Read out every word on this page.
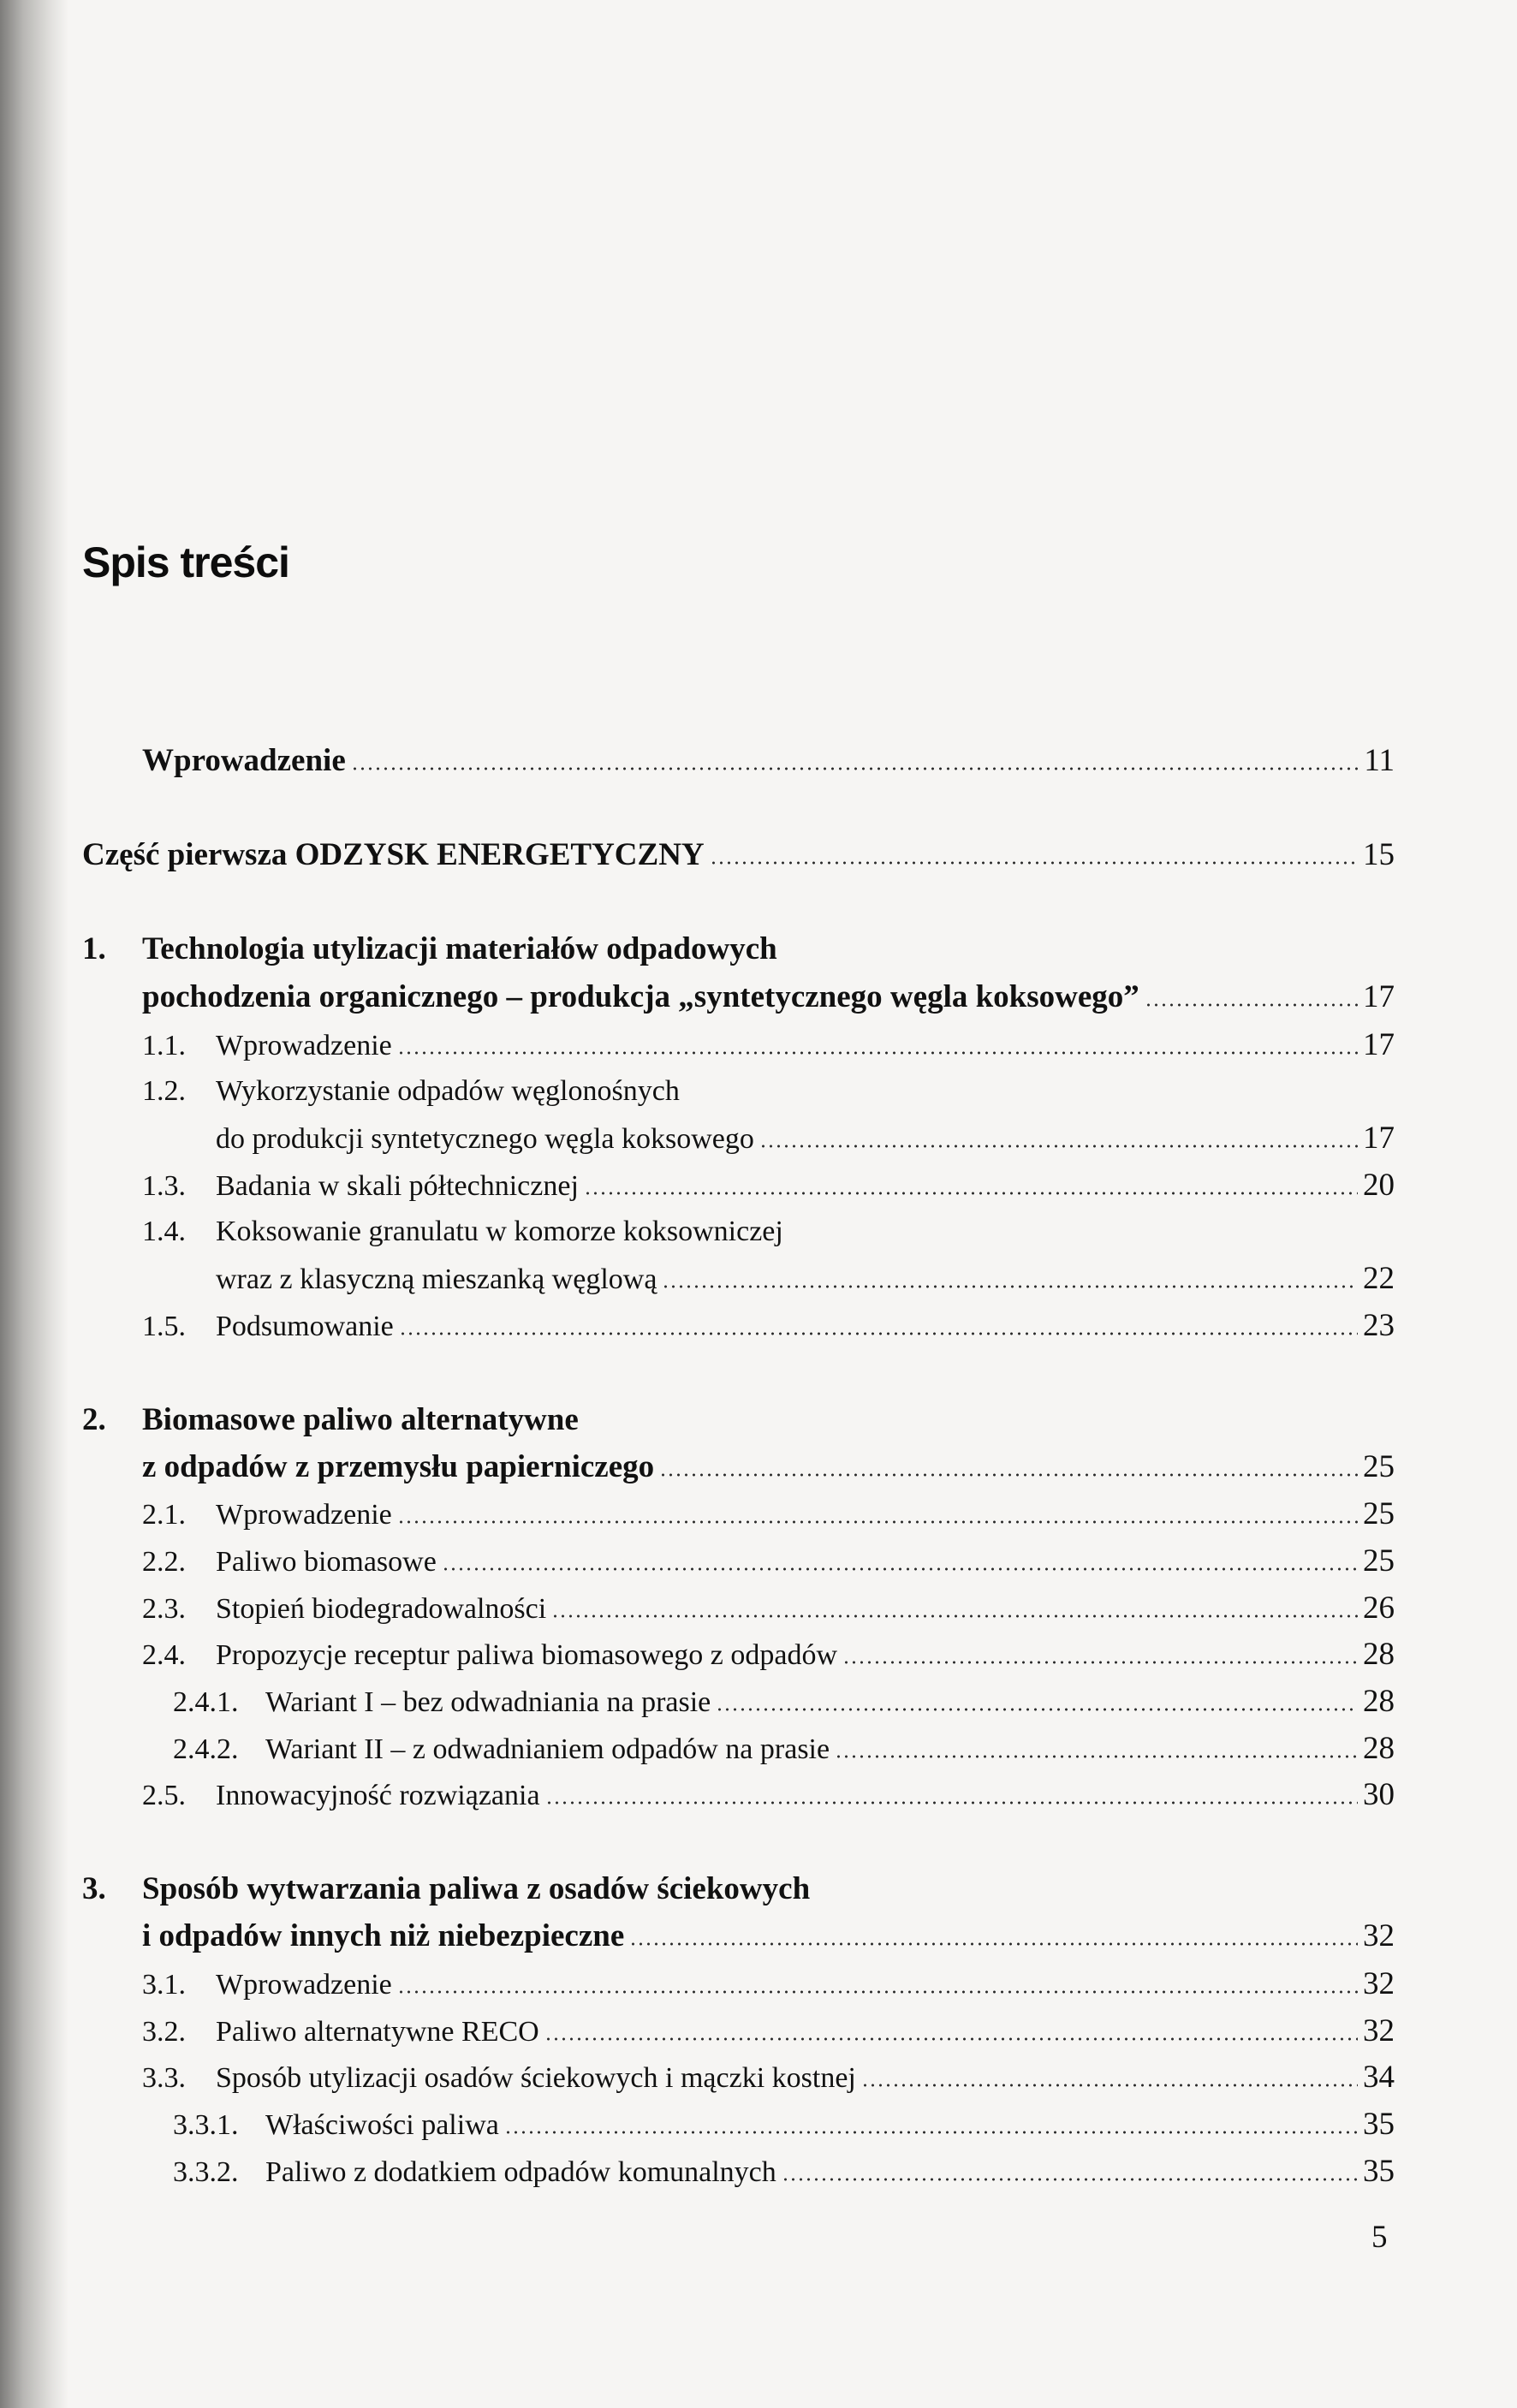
Spis treści
Wprowadzenie	11
Część pierwsza ODZYSK ENERGETYCZNY	15
1.	Technologia utylizacji materiałów odpadowych
pochodzenia organicznego – produkcja „syntetycznego węgla koksowego”	17
1.1.	Wprowadzenie	17
1.2.	Wykorzystanie odpadów węglonośnych
do produkcji syntetycznego węgla koksowego	17
1.3.	Badania w skali półtechnicznej	20
1.4.	Koksowanie granulatu w komorze koksowniczej
wraz z klasyczną mieszanką węglową	22
1.5.	Podsumowanie	23
2.	Biomasowe paliwo alternatywne
z odpadów z przemysłu papierniczego	25
2.1.	Wprowadzenie	25
2.2.	Paliwo biomasowe	25
2.3.	Stopień biodegradowalności	26
2.4.	Propozycje receptur paliwa biomasowego z odpadów	28
2.4.1. Wariant I – bez odwadniania na prasie	28
2.4.2. Wariant II – z odwadnianiem odpadów na prasie	28
2.5.	Innowacyjność rozwiązania	30
3.	Sposób wytwarzania paliwa z osadów ściekowych
i odpadów innych niż niebezpieczne	32
3.1.	Wprowadzenie	32
3.2.	Paliwo alternatywne RECO	32
3.3.	Sposób utylizacji osadów ściekowych i mączki kostnej	34
3.3.1. Właściwości paliwa	35
3.3.2. Paliwo z dodatkiem odpadów komunalnych	35
5
